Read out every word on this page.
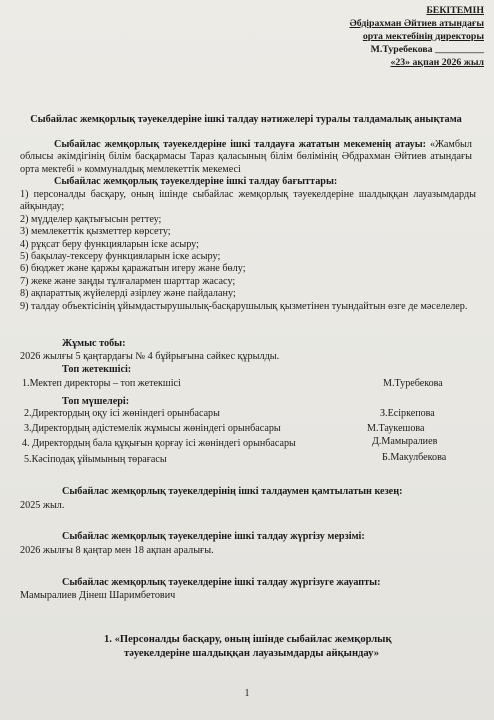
БЕКІТЕМІН
Әбдірахман Әйтиев атындағы
орта мектебінің директоры
М.Туребекова __________
«23» ақпан 2026 жыл
Сыбайлас жемқорлық тәуекелдеріне ішкі талдау нәтижелері туралы талдамалық анықтама
Сыбайлас жемқорлық тәуекелдеріне ішкі талдауға жататын мекеменің атауы: «Жамбыл облысы әкімдігінің білім басқармасы Тараз қаласының білім бөлімінің Әбдрахман Әйтиев атындағы орта мектебі » коммуналдық мемлекеттік мекемесі
Сыбайлас жемқорлық тәуекелдеріне ішкі талдау бағыттары:
1) персоналды басқару, оның ішінде сыбайлас жемқорлық тәуекелдеріне шалдыққан лауазымдарды айқындау;
2) мүдделер қақтығысын реттеу;
3) мемлекеттік қызметтер көрсету;
4) рұқсат беру функцияларын іске асыру;
5) бақылау-тексеру функцияларын іске асыру;
6) бюджет және қаржы қаражатын игеру және бөлу;
7) жеке және заңды тұлғалармен шарттар жасасу;
8) ақпараттық жүйелерді әзірлеу және пайдалану;
9) талдау объектісінің ұйымдастырушылық-басқарушылық қызметінен туындайтын өзге де мәселелер.
Жұмыс тобы:
2026 жылғы 5 қаңтардағы № 4 бұйрығына сәйкес құрылды.
Топ жетекшісі:
1.Мектеп директоры – топ жетекшісі	М.Туребекова
Топ мүшелері:
2.Директордың оқу ісі жөніндегі орынбасары	З.Есіркепова
3.Директордың әдістемелік жұмысы жөніндегі орынбасары	М.Таукешова
4. Директордың бала құқығын қорғау ісі жөніндегі орынбасары	Д.Мамыралиев
5.Кәсіподақ ұйымының төрағасы	Б.Макулбекова
Сыбайлас жемқорлық тәуекелдерінің ішкі талдаумен қамтылатын кезең:
2025 жыл.
Сыбайлас жемқорлық тәуекелдеріне ішкі талдау жүргізу мерзімі:
2026 жылғы 8 қаңтар мен 18 ақпан аралығы.
Сыбайлас жемқорлық тәуекелдеріне ішкі талдау жүргізуге жауапты:
Мамыралиев Дінеш Шаримбетович
1. «Персоналды басқару, оның ішінде сыбайлас жемқорлық
тәуекелдеріне шалдыққан лауазымдарды айқындау»
1
